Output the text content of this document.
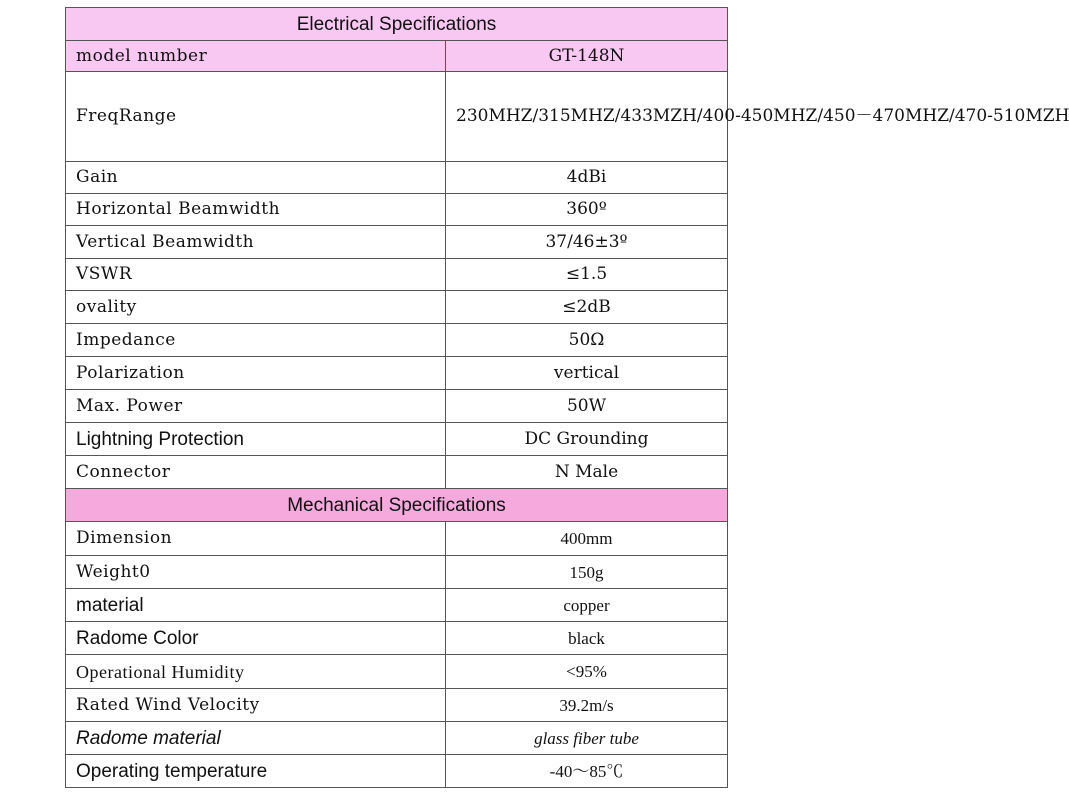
Electrical Specifications	
model number	GT-148N
FreqRange	230MHZ/315MHZ/433MZH/400-450MHZ/450－470MHZ/470-510MZH
Gain	4dBi
Horizontal Beamwidth	360º
Vertical Beamwidth	37/46±3º
VSWR	≤1.5
ovality	≤2dB
Impedance	50Ω
Polarization	vertical
Max. Power	50W
Lightning Protection	DC Grounding
Connector	N Male
Mechanical Specifications	
Dimension	400mm
Weight0	150g
material	copper
Radome Color	black
Operational Humidity	<95%
Rated Wind Velocity	39.2m/s
Radome material	glass fiber tube
Operating temperature	-40～85℃
